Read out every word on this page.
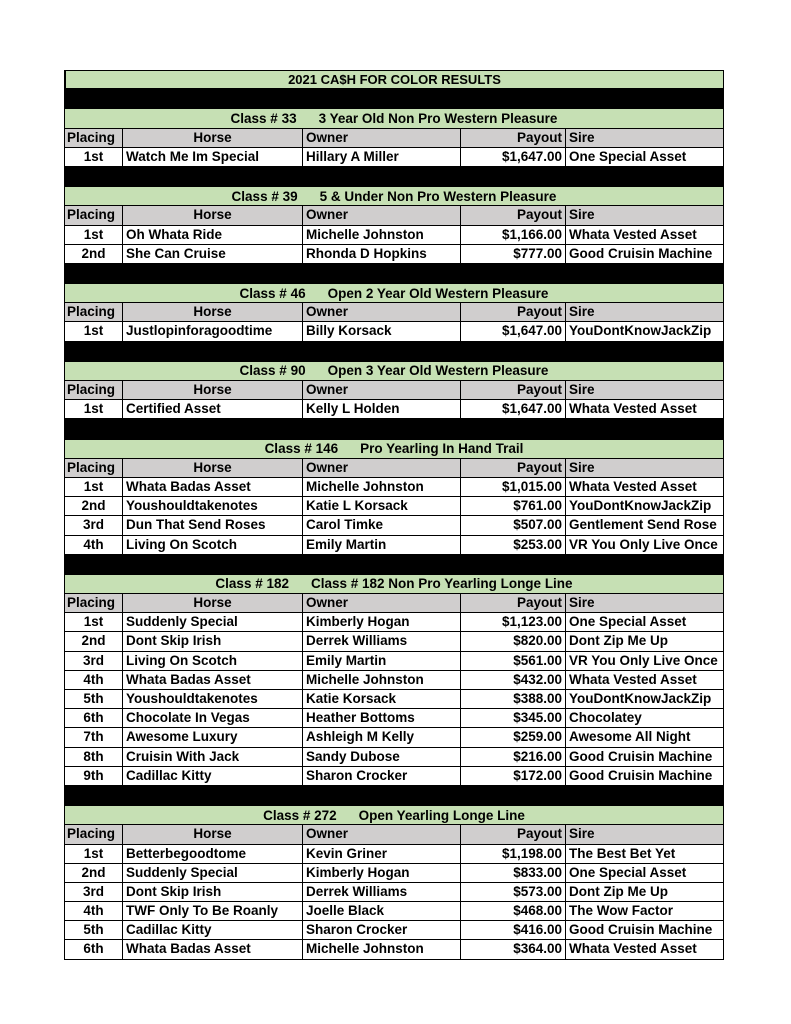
2021 CA$H FOR COLOR RESULTS
Class # 33 3 Year Old Non Pro Western Pleasure
Placing	Horse	Owner	Payout Sire
1st	Watch Me Im Special	Hillary A Miller	$1,647.00 One Special Asset
Class # 39 5 & Under Non Pro Western Pleasure
Placing	Horse	Owner	Payout Sire
1st	Oh Whata Ride	Michelle Johnston	$1,166.00 Whata Vested Asset
2nd	She Can Cruise	Rhonda D Hopkins	$777.00 Good Cruisin Machine
Class # 46 Open 2 Year Old Western Pleasure
Placing	Horse	Owner	Payout Sire
1st	Justlopinforagoodtime	Billy Korsack	$1,647.00 YouDontKnowJackZip
Class # 90 Open 3 Year Old Western Pleasure
Placing	Horse	Owner	Payout Sire
1st	Certified Asset	Kelly L Holden	$1,647.00 Whata Vested Asset
Class # 146 Pro Yearling In Hand Trail
Placing	Horse	Owner	Payout Sire
1st	Whata Badas Asset	Michelle Johnston	$1,015.00 Whata Vested Asset
2nd	Youshouldtakenotes	Katie L Korsack	$761.00 YouDontKnowJackZip
3rd	Dun That Send Roses	Carol Timke	$507.00 Gentlement Send Rose
4th	Living On Scotch	Emily Martin	$253.00 VR You Only Live Once
Class # 182 Class # 182 Non Pro Yearling Longe Line
Placing	Horse	Owner	Payout Sire
1st	Suddenly Special	Kimberly Hogan	$1,123.00 One Special Asset
2nd	Dont Skip Irish	Derrek Williams	$820.00 Dont Zip Me Up
3rd	Living On Scotch	Emily Martin	$561.00 VR You Only Live Once
4th	Whata Badas Asset	Michelle Johnston	$432.00 Whata Vested Asset
5th	Youshouldtakenotes	Katie Korsack	$388.00 YouDontKnowJackZip
6th	Chocolate In Vegas	Heather Bottoms	$345.00 Chocolatey
7th	Awesome Luxury	Ashleigh M Kelly	$259.00 Awesome All Night
8th	Cruisin With Jack	Sandy Dubose	$216.00 Good Cruisin Machine
9th	Cadillac Kitty	Sharon Crocker	$172.00 Good Cruisin Machine
Class # 272 Open Yearling Longe Line
Placing	Horse	Owner	Payout Sire
1st	Betterbegoodtome	Kevin Griner	$1,198.00 The Best Bet Yet
2nd	Suddenly Special	Kimberly Hogan	$833.00 One Special Asset
3rd	Dont Skip Irish	Derrek Williams	$573.00 Dont Zip Me Up
4th	TWF Only To Be Roanly	Joelle Black	$468.00 The Wow Factor
5th	Cadillac Kitty	Sharon Crocker	$416.00 Good Cruisin Machine
6th	Whata Badas Asset	Michelle Johnston	$364.00 Whata Vested Asset
